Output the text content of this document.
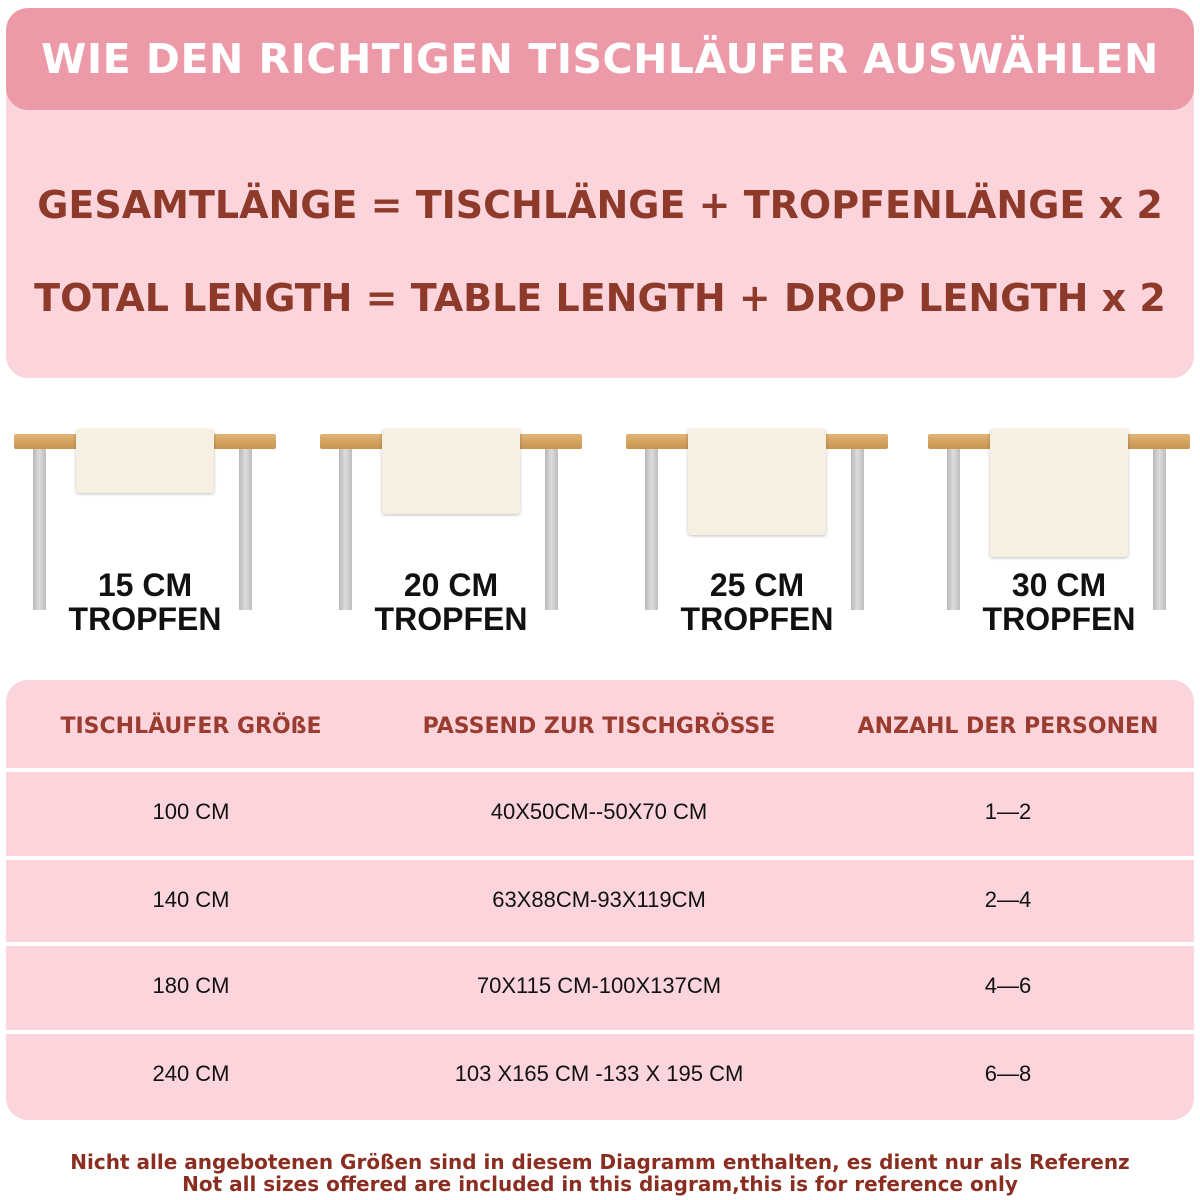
WIE DEN RICHTIGEN TISCHLÄUFER AUSWÄHLEN
GESAMTLÄNGE = TISCHLÄNGE + TROPFENLÄNGE x 2
TOTAL LENGTH = TABLE LENGTH + DROP LENGTH x 2
15 CM
TROPFEN
20 CM
TROPFEN
25 CM
TROPFEN
30 CM
TROPFEN
TISCHLÄUFER GRÖßE	PASSEND ZUR TISCHGRÖSSE	ANZAHL DER PERSONEN
100 CM	40X50CM--50X70 CM	1—2
140 CM	63X88CM-93X119CM	2—4
180 CM	70X115 CM-100X137CM	4—6
240 CM	103 X165 CM -133 X 195 CM	6—8
Nicht alle angebotenen Größen sind in diesem Diagramm enthalten, es dient nur als Referenz
Not all sizes offered are included in this diagram,this is for reference only
